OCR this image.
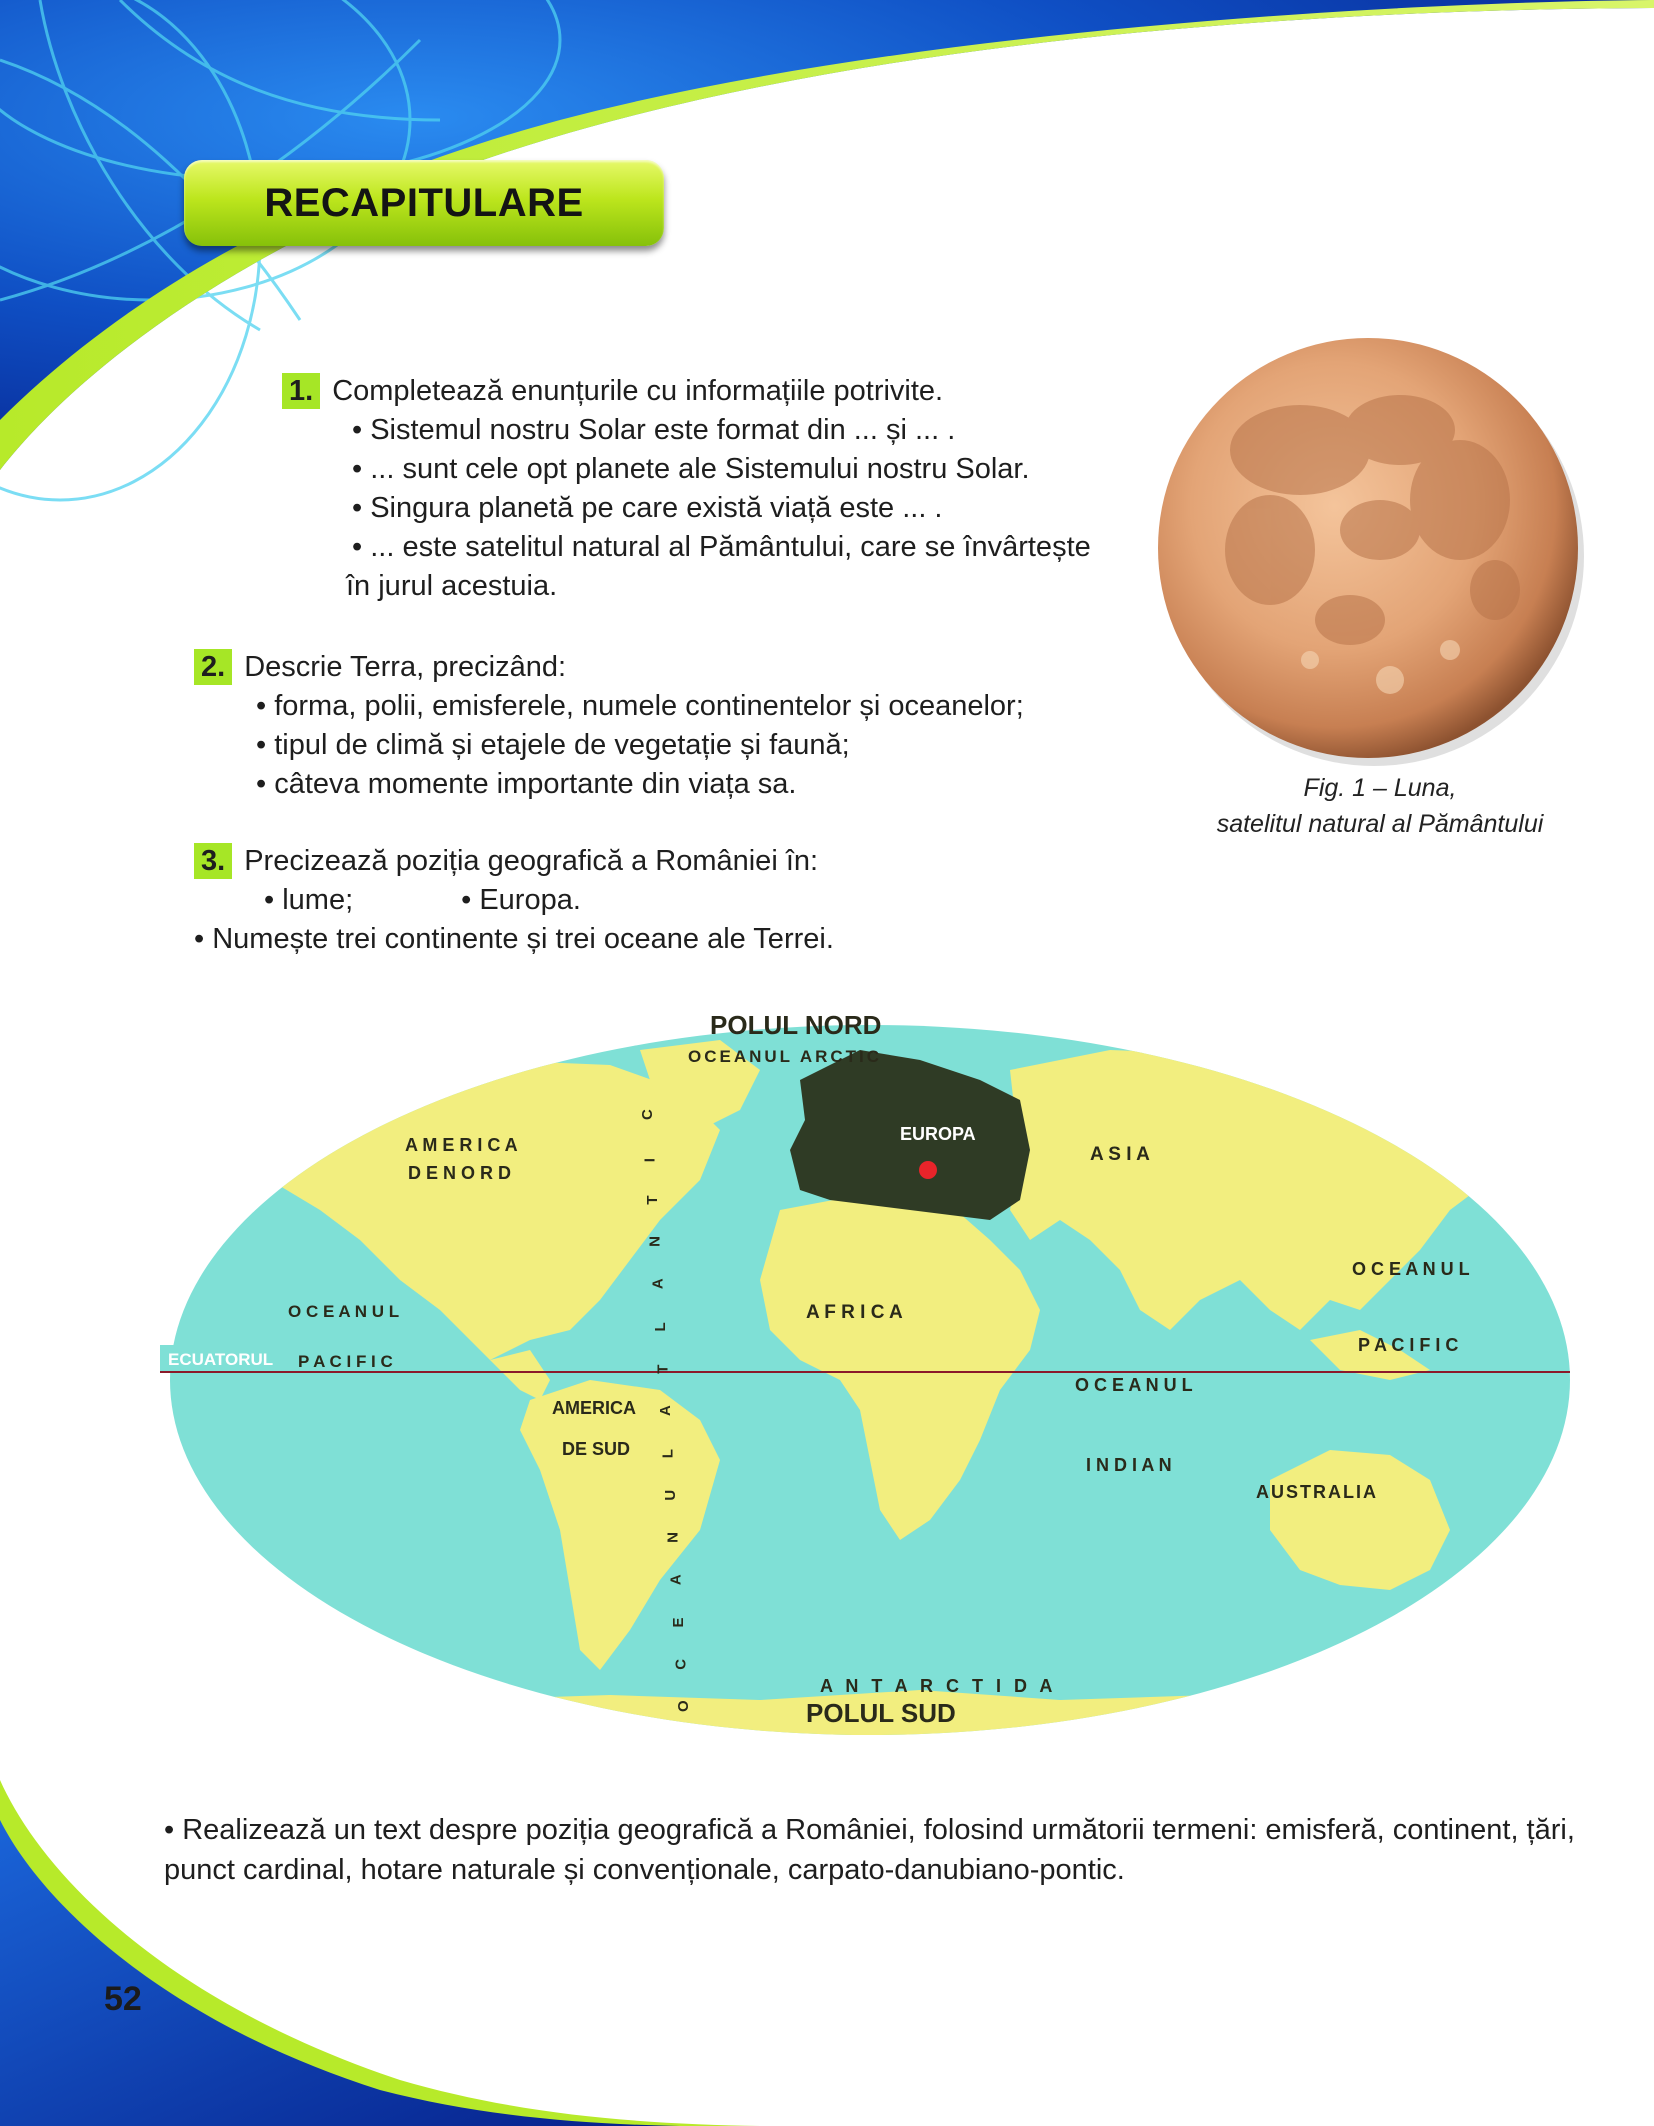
RECAPITULARE
1. Completează enunțurile cu informațiile potrivite.
• Sistemul nostru Solar este format din ... și ... .
• ... sunt cele opt planete ale Sistemului nostru Solar.
• Singura planetă pe care există viață este ... .
• ... este satelitul natural al Pământului, care se învârtește
în jurul acestuia.
2. Descrie Terra, precizând:
• forma, polii, emisferele, numele continentelor și oceanelor;
• tipul de climă și etajele de vegetație și faună;
• câteva momente importante din viața sa.
3. Precizează poziția geografică a României în:
• lume;	• Europa.
• Numește trei continente și trei oceane ale Terrei.
Fig. 1 – Luna,
satelitul natural al Pământului
ECUATORUL
POLUL NORD
OCEANUL ARCTIC
EUROPA
A S I A
A M E R I C A
D E N O R D
AMERICA
DE SUD
A F R I C A
AUSTRALIA
A N T A R C T I D A
POLUL SUD
O C E A N U L
P A C I F I C
O C E A N U L
P A C I F I C
O C E A N U L
I N D I A N
O
C
E
A
N
U
L
A
T
L
A
N
T
I
C
• Realizează un text despre poziția geografică a României, folosind următorii termeni: emisferă, continent, țări, punct cardinal, hotare naturale și convenționale, carpato-danubiano-pontic.
52
